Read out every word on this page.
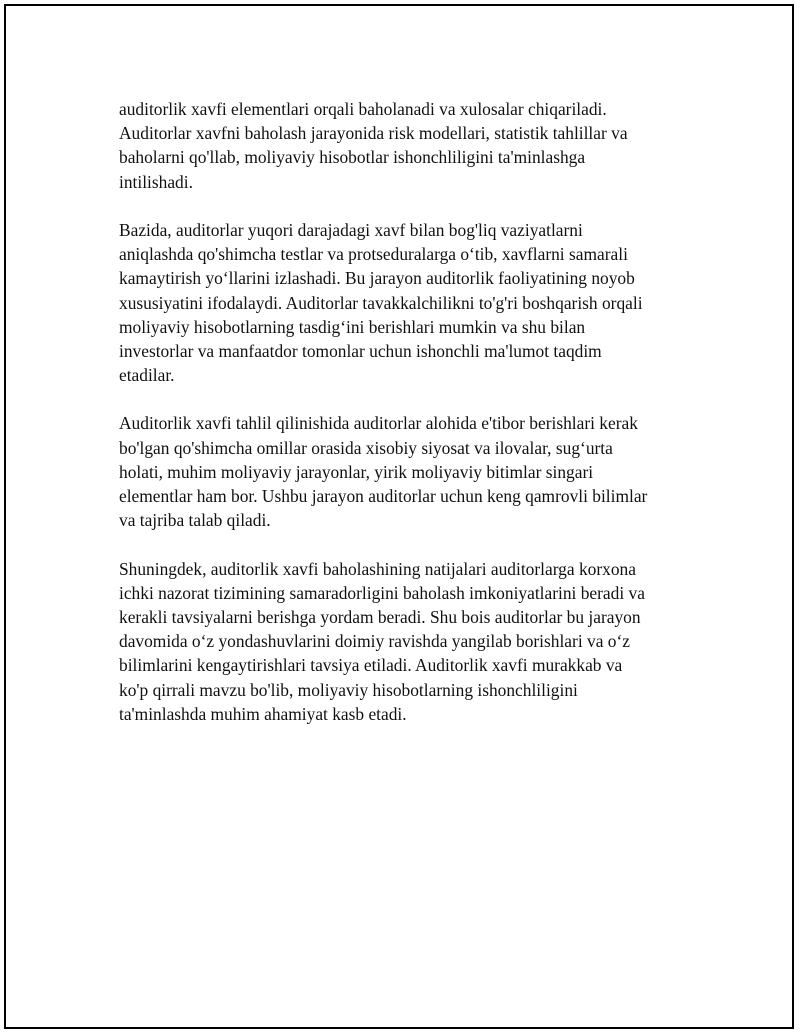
auditorlik xavfi elementlari orqali baholanadi va xulosalar chiqariladi.
Auditorlar xavfni baholash jarayonida risk modellari, statistik tahlillar va
baholarni qo'llab, moliyaviy hisobotlar ishonchliligini ta'minlashga
intilishadi.

Bazida, auditorlar yuqori darajadagi xavf bilan bog'liq vaziyatlarni
aniqlashda qo'shimcha testlar va protseduralarga o‘tib, xavflarni samarali
kamaytirish yo‘llarini izlashadi. Bu jarayon auditorlik faoliyatining noyob
xususiyatini ifodalaydi. Auditorlar tavakkalchilikni to'g'ri boshqarish orqali
moliyaviy hisobotlarning tasdig‘ini berishlari mumkin va shu bilan
investorlar va manfaatdor tomonlar uchun ishonchli ma'lumot taqdim
etadilar.

Auditorlik xavfi tahlil qilinishida auditorlar alohida e'tibor berishlari kerak
bo'lgan qo'shimcha omillar orasida xisobiy siyosat va ilovalar, sug‘urta
holati, muhim moliyaviy jarayonlar, yirik moliyaviy bitimlar singari
elementlar ham bor. Ushbu jarayon auditorlar uchun keng qamrovli bilimlar
va tajriba talab qiladi.

Shuningdek, auditorlik xavfi baholashining natijalari auditorlarga korxona
ichki nazorat tizimining samaradorligini baholash imkoniyatlarini beradi va
kerakli tavsiyalarni berishga yordam beradi. Shu bois auditorlar bu jarayon
davomida o‘z yondashuvlarini doimiy ravishda yangilab borishlari va o‘z
bilimlarini kengaytirishlari tavsiya etiladi. Auditorlik xavfi murakkab va
ko'p qirrali mavzu bo'lib, moliyaviy hisobotlarning ishonchliligini
ta'minlashda muhim ahamiyat kasb etadi.
